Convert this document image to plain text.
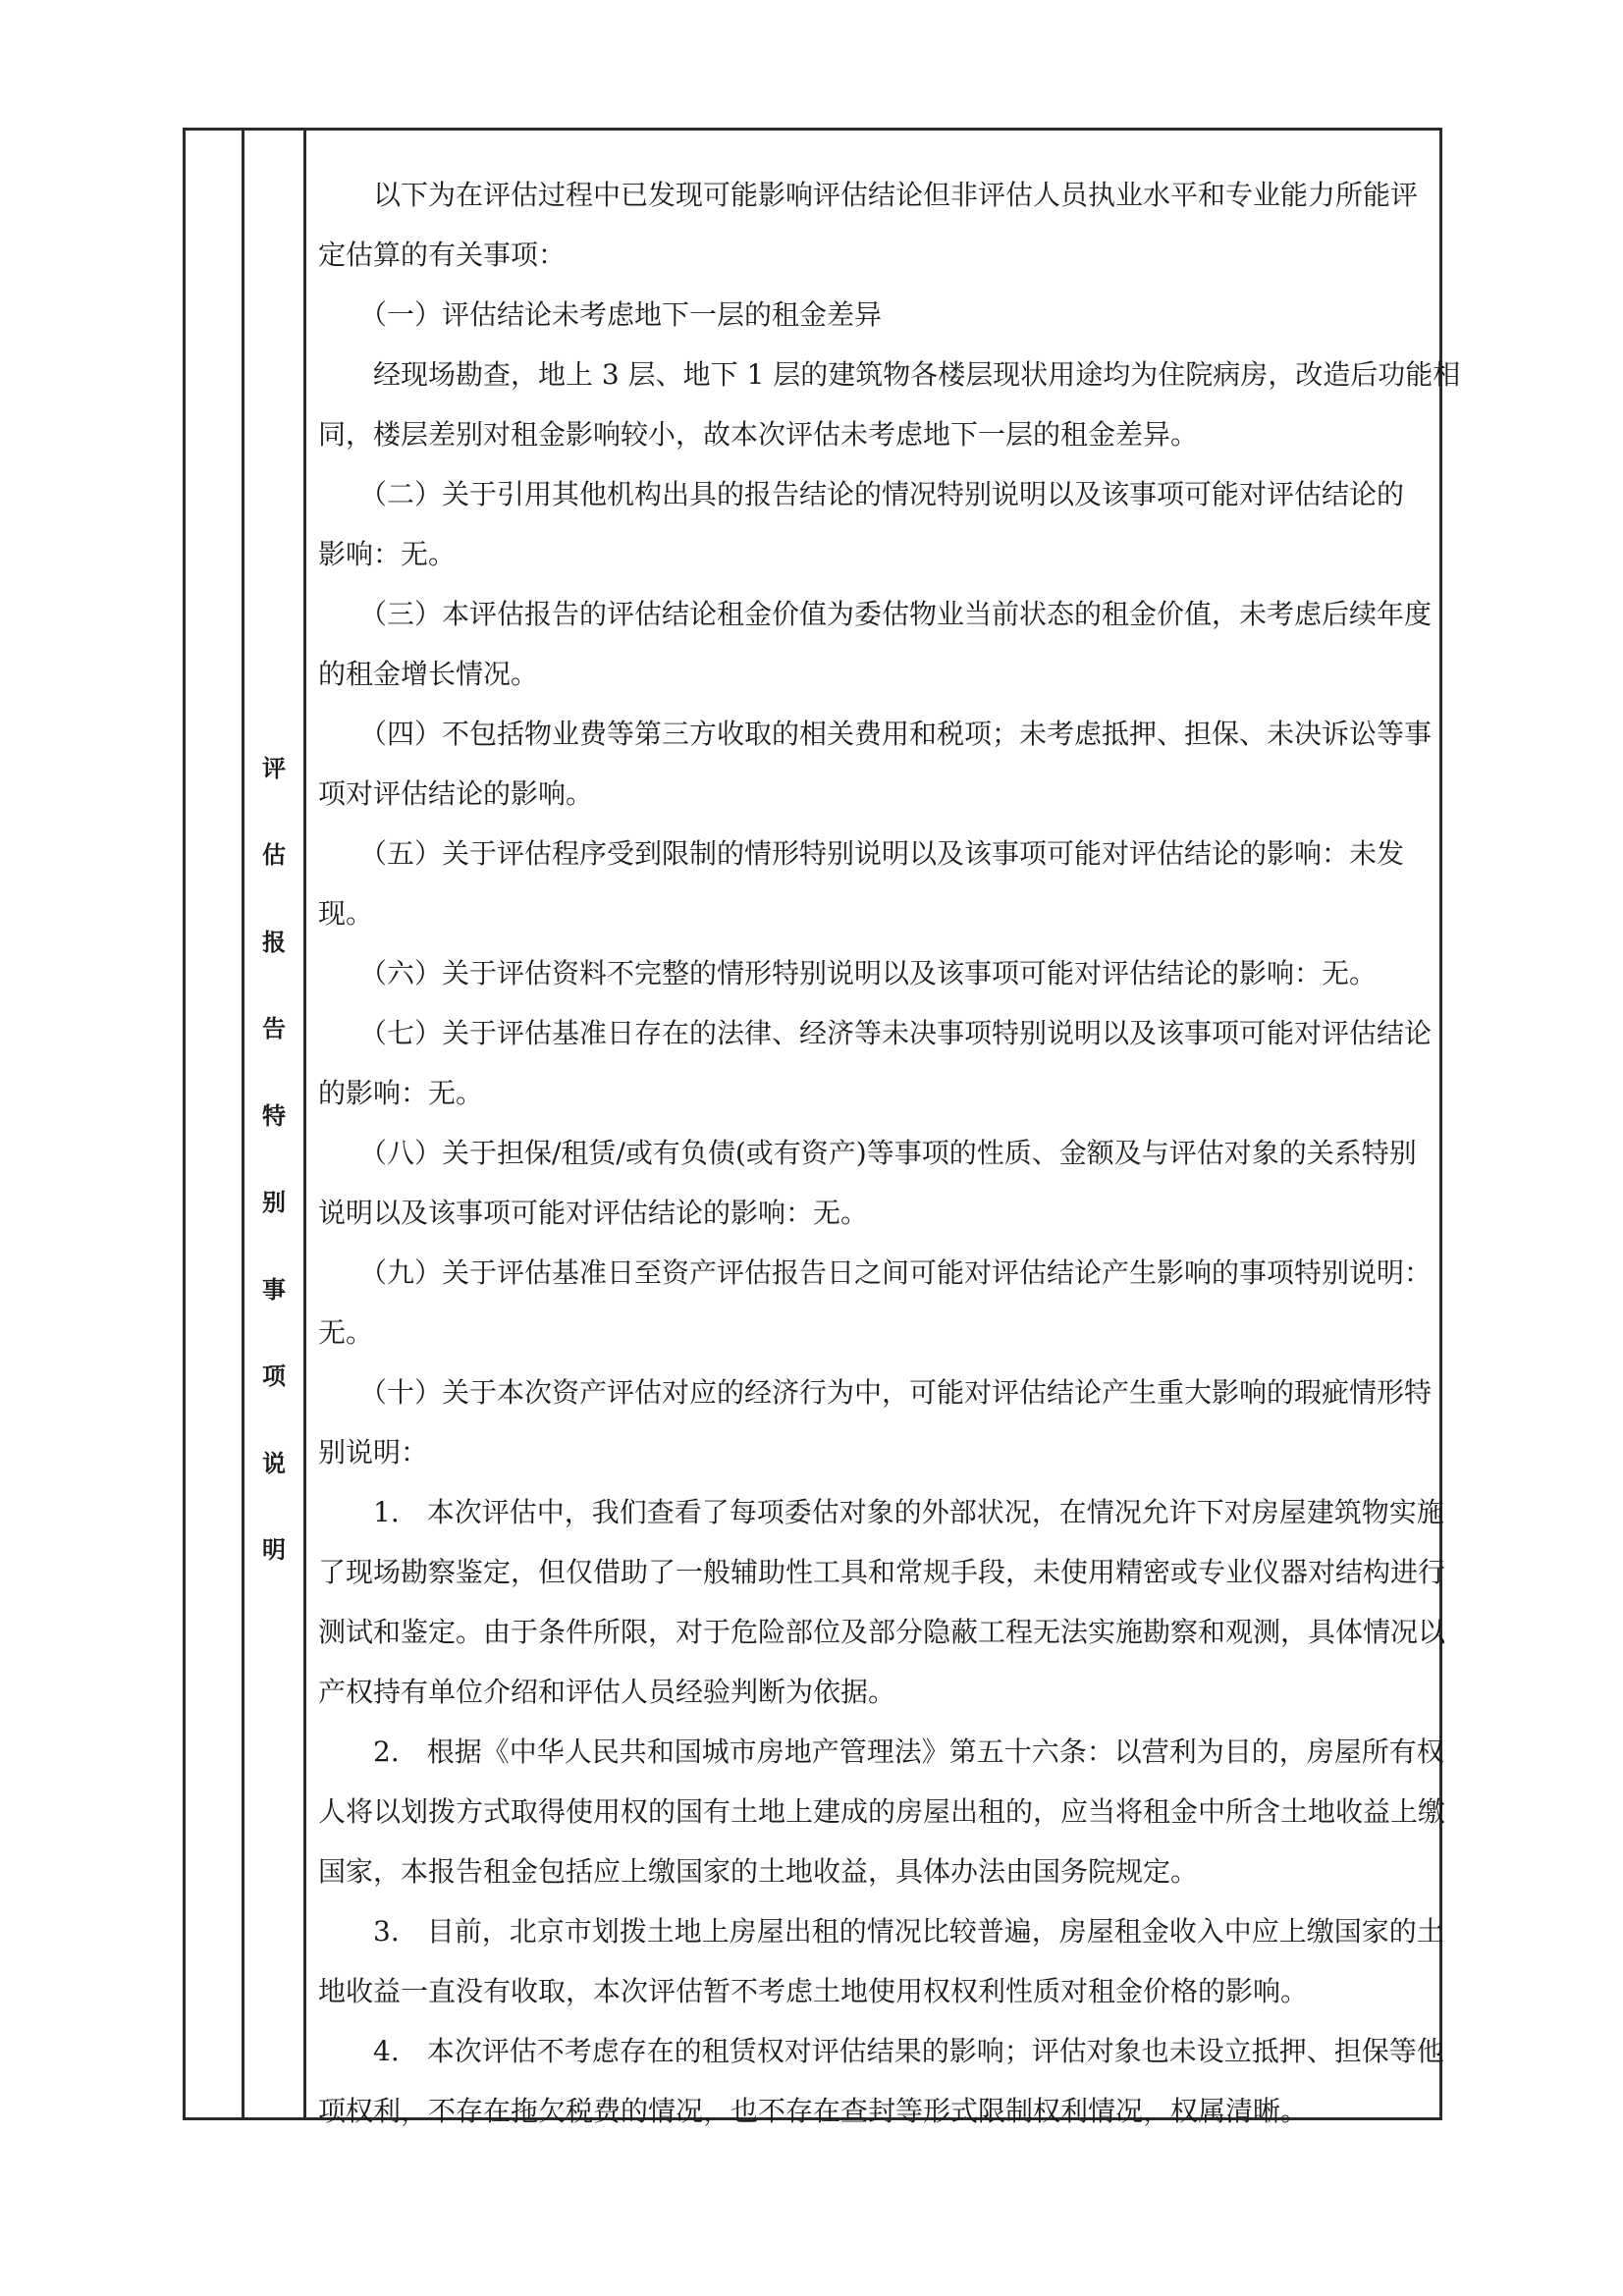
评
估
报
告
特
别
事
项
说
明
　　以下为在评估过程中已发现可能影响评估结论但非评估人员执业水平和专业能力所能评
定估算的有关事项：
　　（一）评估结论未考虑地下一层的租金差异
　　经现场勘查，地上 3 层、地下 1 层的建筑物各楼层现状用途均为住院病房，改造后功能相
同，楼层差别对租金影响较小，故本次评估未考虑地下一层的租金差异。
　　（二）关于引用其他机构出具的报告结论的情况特别说明以及该事项可能对评估结论的
影响：无。
　　（三）本评估报告的评估结论租金价值为委估物业当前状态的租金价值，未考虑后续年度
的租金增长情况。
　　（四）不包括物业费等第三方收取的相关费用和税项；未考虑抵押、担保、未决诉讼等事
项对评估结论的影响。
　　（五）关于评估程序受到限制的情形特别说明以及该事项可能对评估结论的影响：未发
现。
　　（六）关于评估资料不完整的情形特别说明以及该事项可能对评估结论的影响：无。
　　（七）关于评估基准日存在的法律、经济等未决事项特别说明以及该事项可能对评估结论
的影响：无。
　　（八）关于担保/租赁/或有负债(或有资产)等事项的性质、金额及与评估对象的关系特别
说明以及该事项可能对评估结论的影响：无。
　　（九）关于评估基准日至资产评估报告日之间可能对评估结论产生影响的事项特别说明：
无。
　　（十）关于本次资产评估对应的经济行为中，可能对评估结论产生重大影响的瑕疵情形特
别说明：
　　1.　本次评估中，我们查看了每项委估对象的外部状况，在情况允许下对房屋建筑物实施
了现场勘察鉴定，但仅借助了一般辅助性工具和常规手段，未使用精密或专业仪器对结构进行
测试和鉴定。由于条件所限，对于危险部位及部分隐蔽工程无法实施勘察和观测，具体情况以
产权持有单位介绍和评估人员经验判断为依据。
　　2.　根据《中华人民共和国城市房地产管理法》第五十六条：以营利为目的，房屋所有权
人将以划拨方式取得使用权的国有土地上建成的房屋出租的，应当将租金中所含土地收益上缴
国家，本报告租金包括应上缴国家的土地收益，具体办法由国务院规定。
　　3.　目前，北京市划拨土地上房屋出租的情况比较普遍，房屋租金收入中应上缴国家的土
地收益一直没有收取，本次评估暂不考虑土地使用权权利性质对租金价格的影响。
　　4.　本次评估不考虑存在的租赁权对评估结果的影响；评估对象也未设立抵押、担保等他
项权利，不存在拖欠税费的情况，也不存在查封等形式限制权利情况，权属清晰。
